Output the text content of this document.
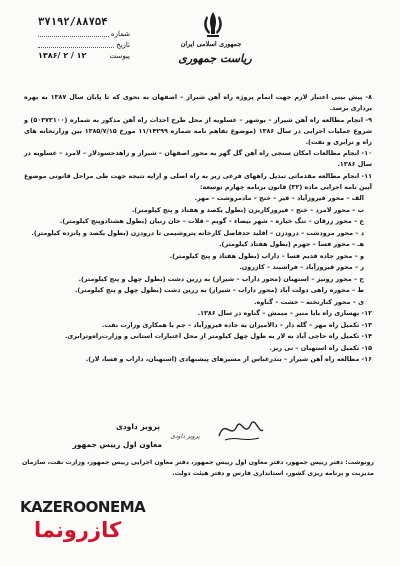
جمهوری اسلامی ایران
ریاست جمهوری
۳۷۱۹۲/۸۸۷۵۴
شماره
تاریخ
پیوست
۱۳۸۶/ ۲ / ۱۲

۸- پیش بینی اعتبار لازم جهت اتمام پروژه راه آهن شیراز – اصفهان به نحوی که تا پایان سال ۱۳۸۷ به بهره برداری برسد.

۹- انجام مطالعه راه آهن شیراز – بوشهر – عسلویه از محل طرح احداث راه آهن مذکور به شماره (۵۰۳۷۳۱۰۰) و شروع عملیات اجرایی در سال ۱۳۸۶ (موضوع تفاهم نامه شماره ۱۱/۱۴۲۹۹ مورخ ۱۳۸۵/۷/۱۵ بین وزارتخانه های راه و ترابری و نفت).

۱۰- انجام مطالعات امکان سنجی راه آهن گل گهر به محور اصفهان – شیراز و زاهدحسودلار – لامرد – عسلویه در سال ۱۳۸۶.

۱۱- انجام مطالعه مقدماتی تبدیل راههای فرعی زیر به راه اصلی و ارایه نتیجه جهت طی مراحل قانونی موضوع آیین نامه اجرایی ماده (۳۲) قانون برنامه چهارم توسعه:

الف – محور فیروزآباد – قیر – خنج – مادمروشت – مهر.

ب – محور لامرد – خنج – فیروزکاریزن (بطول یکصد و هفتاد و پنج کیلومتر).

ج – محور زرقان – تنگ خیاره – شهر بیضاء – گویم – قلات – خان زنیان (بطول هشتادوپنج کیلومتر).

د – محور مرودشت – درودزن – اقلید حدفاصل کارخانه پتروشیمی تا درودزن (بطول یکصد و پانزده کیلومتر).

هـ – محور فسا – جهرم (بطول هفتاد کیلومتر).

و – محور جاده قدیم فسا – داراب (بطول هفتاد و پنج کیلومتر).

ز – محور فیروزآباد – فراشبند – کازرون.

ح – محور رونیز – استهبان (محور داراب – شیراز) به زرین دشت (بطول چهل و پنج کیلومتر).

ط – محوره راهی دولت آباد (محور داراب – شیراز) به زرین دشت (بطول چهل و پنج کیلومتر).

ی – محور کنارتخته – خشت – گناوه.

۱۲- بهسازی راه بابا منیر – میمش – گناوه در سال ۱۳۸۶.

۱۳- تکمیل راه مهر – گله دار – دالامیزان به جاده فیروزآباد – جم با همکاری وزارت نفت.

۱۴- تکمیل راه حاجی آباد به لار به طول چهل کیلومتر از محل اعتبارات استانی و وزارت‌راه‌وترابری.

۱۵- تکمیل راه استهبان – نی ریز.

۱۶- مطالعه راه آهن شیراز – بندرعباس از مسیرهای پیشنهادی (استهبان، داراب و فسا، لار).

پرویز داودی
معاون اول رییس جمهور
پرویز داودی
رونوشت: دفتر رییس جمهور، دفتر معاون اول رییس جمهور، دفتر معاون اجرایی رییس جمهور، وزارت نفت، سازمان مدیریت و برنامه ریزی کشور، استانداری فارس و دفتر هیئت دولت.
KAZEROONEMA
کازرونما
